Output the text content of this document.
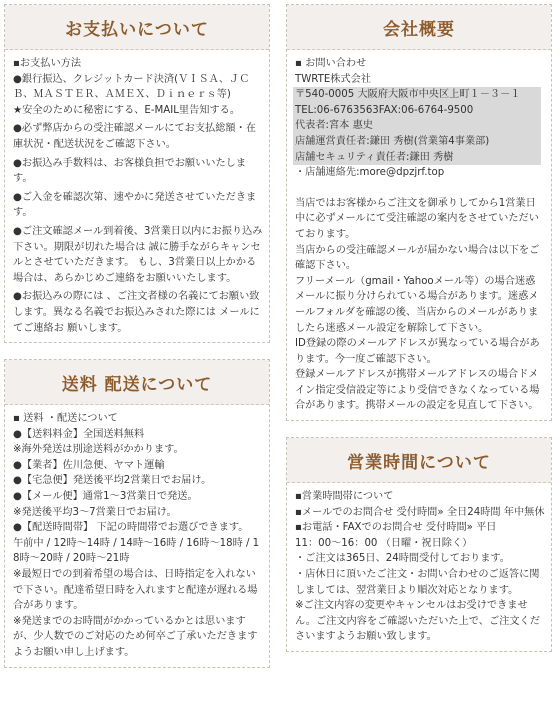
お支払いについて

▪お支払い方法

●銀行振込、クレジットカード決済(ＶＩＳＡ、ＪＣＢ、ＭＡＳＴＥＲ、ＡＭＥＸ、Ｄｉｎｅｒｓ等)

★安全のために秘密にする、E-MAIL里告知する。

●必ず弊店からの受注確認メールにてお支払総額・在庫状況・配送状況をご確認下さい。

●お振込み手数料は、お客様負担でお願いいたします。

●ご入金を確認次第、速やかに発送させていただきます。

●ご注文確認メール到着後、3営業日以内にお振り込み下さい。期限が切れた場合は 誠に勝手ながらキャンセルとさせていただきます。 もし、3営業日以上かかる場合は、あらかじめご連絡をお願いいたします。

●お振込みの際には 、ご注文者様の名義にてお願い致します。異なる名義でお振込みされた際には メールにてご連絡お 願いします。

送料 配送について

▪ 送料 ・配送について

●【送料料金】全国送料無料

※海外発送は別途送料がかかります。

●【業者】佐川急便、ヤマト運輸

●【宅急便】発送後平均2営業日でお届け。

●【メール便】通常1〜3営業日で発送。

※発送後平均3〜7営業日でお届け。

●【配送時間帯】 下記の時間帯でお選びできます。

午前中 / 12時〜14時 / 14時〜16時 / 16時〜18時 / 18時〜20時 / 20時〜21時

※最短日での到着希望の場合は、日時指定を入れないで下さい。配達希望日時を入れますと配達が遅れる場合があります。

※発送までのお時間がかかっているかとは思いますが、少人数でのご対応のため何卒ご了承いただきますようお願い申し上げます。

会社概要

▪ お問い合わせ

TWRTE株式会社

〒540-0005 大阪府大阪市中央区上町１－３－１

TEL:06-6763563FAX:06-6764-9500

代表者:宮本 惠史

店舗運営責任者:鎌田 秀樹(営業第4事業部)

店舗セキュリティ責任者:鎌田 秀樹

・店舗連絡先:more@dpzjrf.top

当店ではお客様からご注文を御承りしてから1営業日中に必ずメールにて受注確認の案内をさせていただいております。

当店からの受注確認メールが届かない場合は以下をご確認下さい。

フリーメール（gmail・Yahooメール等）の場合迷惑メールに振り分けられている場合があります。迷惑メールフォルダを確認の後、当店からのメールがありましたら迷惑メール設定を解除して下さい。

ID登録の際のメールアドレスが異なっている場合があります。今一度ご確認下さい。

登録メールアドレスが携帯メールアドレスの場合ドメイン指定受信設定等により受信できなくなっている場合があります。携帯メールの設定を見直して下さい。

営業時間について

▪営業時間帯について

▪メールでのお問合せ 受付時間» 全日24時間 年中無休

▪お電話・FAXでのお問合せ 受付時間» 平日

11：00〜16：00 （日曜・祝日除く）

・ご注文は365日、24時間受付しております。

・店休日に頂いたご注文・お問い合わせのご返答に関しましては、翌営業日より順次対応となります。

※ご注文内容の変更やキャンセルはお受けできません。ご注文内容をご確認いただいた上で、ご注文くださいますようお願い致します。
